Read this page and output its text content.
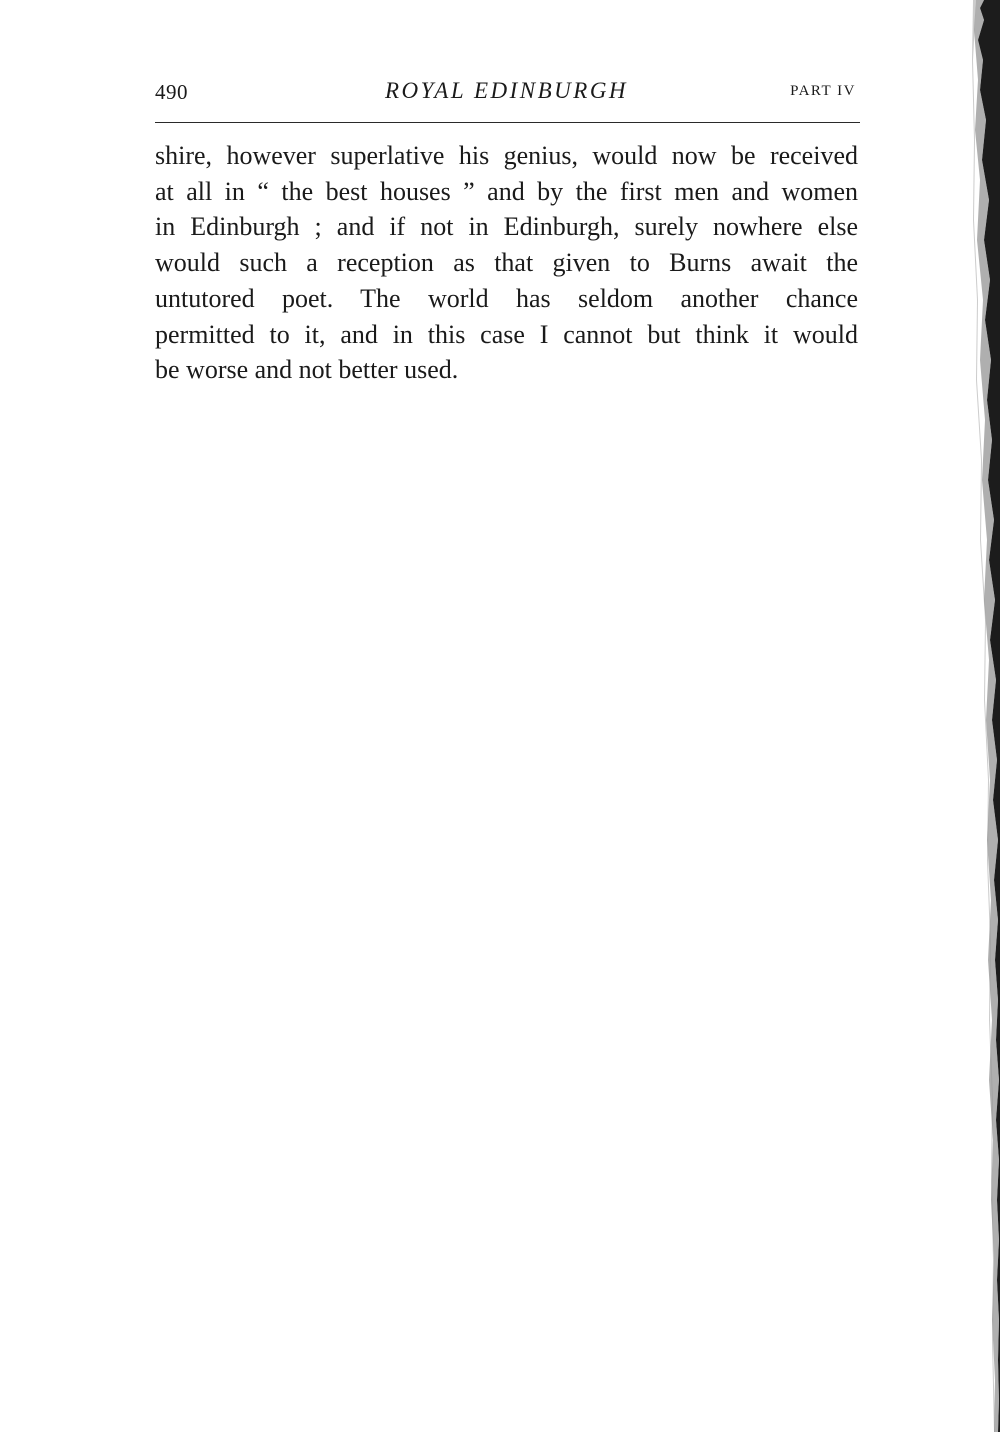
490	ROYAL EDINBURGH	PART IV
shire, however superlative his genius, would now be received
at all in “ the best houses ” and by the first men and women
in Edinburgh ; and if not in Edinburgh, surely nowhere else
would such a reception as that given to Burns await the
untutored poet. The world has seldom another chance
permitted to it, and in this case I cannot but think it would
be worse and not better used.
